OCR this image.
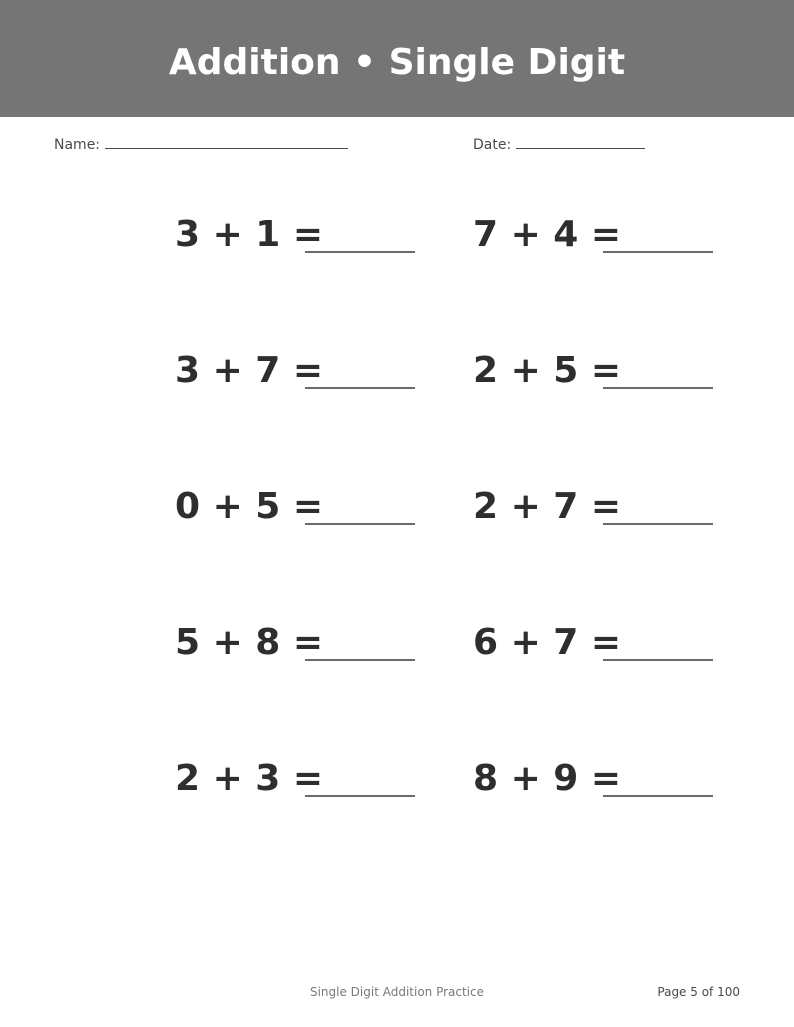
Addition • Single Digit
Name:	Date:
3 + 1 =	7 + 4 =
3 + 7 =	2 + 5 =
0 + 5 =	2 + 7 =
5 + 8 =	6 + 7 =
2 + 3 =	8 + 9 =
Single Digit Addition Practice	Page 5 of 100
